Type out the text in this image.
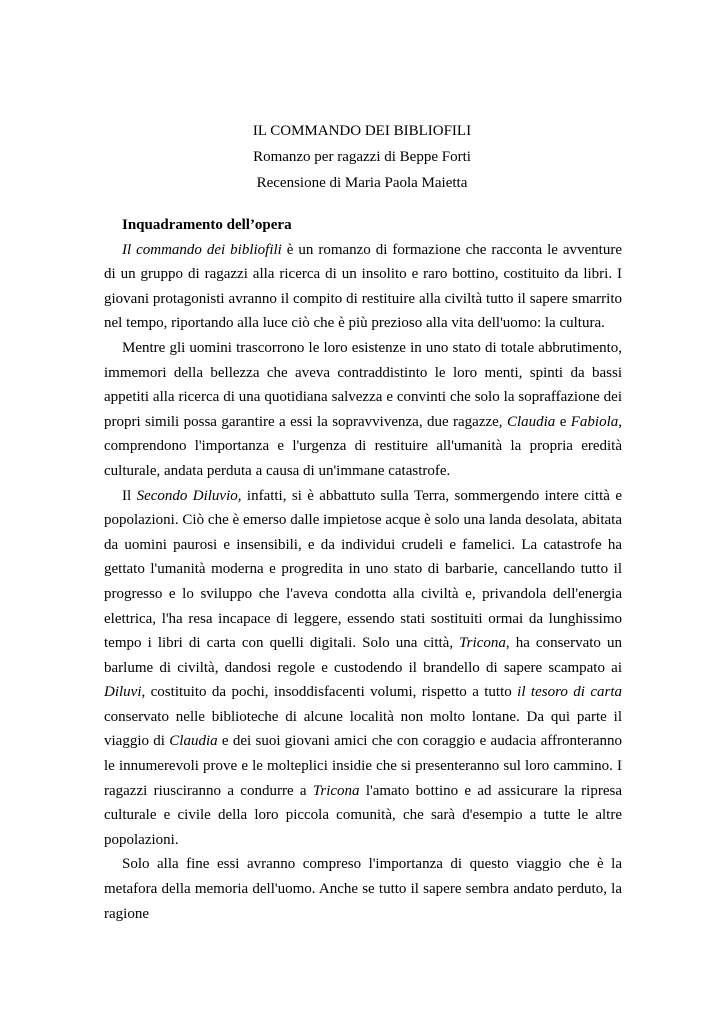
IL COMMANDO DEI BIBLIOFILI
Romanzo per ragazzi di Beppe Forti
Recensione di Maria Paola Maietta

Inquadramento dell’opera

Il commando dei bibliofili è un romanzo di formazione che racconta le avventure di un gruppo di ragazzi alla ricerca di un insolito e raro bottino, costituito da libri. I giovani protagonisti avranno il compito di restituire alla civiltà tutto il sapere smarrito nel tempo, riportando alla luce ciò che è più prezioso alla vita dell'uomo: la cultura.

Mentre gli uomini trascorrono le loro esistenze in uno stato di totale abbrutimento, immemori della bellezza che aveva contraddistinto le loro menti, spinti da bassi appetiti alla ricerca di una quotidiana salvezza e convinti che solo la sopraffazione dei propri simili possa garantire a essi la sopravvivenza, due ragazze, Claudia e Fabiola, comprendono l'importanza e l'urgenza di restituire all'umanità la propria eredità culturale, andata perduta a causa di un'immane catastrofe.

Il Secondo Diluvio, infatti, si è abbattuto sulla Terra, sommergendo intere città e popolazioni. Ciò che è emerso dalle impietose acque è solo una landa desolata, abitata da uomini paurosi e insensibili, e da individui crudeli e famelici. La catastrofe ha gettato l'umanità moderna e progredita in uno stato di barbarie, cancellando tutto il progresso e lo sviluppo che l'aveva condotta alla civiltà e, privandola dell'energia elettrica, l'ha resa incapace di leggere, essendo stati sostituiti ormai da lunghissimo tempo i libri di carta con quelli digitali. Solo una città, Tricona, ha conservato un barlume di civiltà, dandosi regole e custodendo il brandello di sapere scampato ai Diluvi, costituito da pochi, insoddisfacenti volumi, rispetto a tutto il tesoro di carta conservato nelle biblioteche di alcune località non molto lontane. Da qui parte il viaggio di Claudia e dei suoi giovani amici che con coraggio e audacia affronteranno le innumerevoli prove e le molteplici insidie che si presenteranno sul loro cammino. I ragazzi riusciranno a condurre a Tricona l'amato bottino e ad assicurare la ripresa culturale e civile della loro piccola comunità, che sarà d'esempio a tutte le altre popolazioni.

Solo alla fine essi avranno compreso l'importanza di questo viaggio che è la metafora della memoria dell'uomo. Anche se tutto il sapere sembra andato perduto, la ragione
